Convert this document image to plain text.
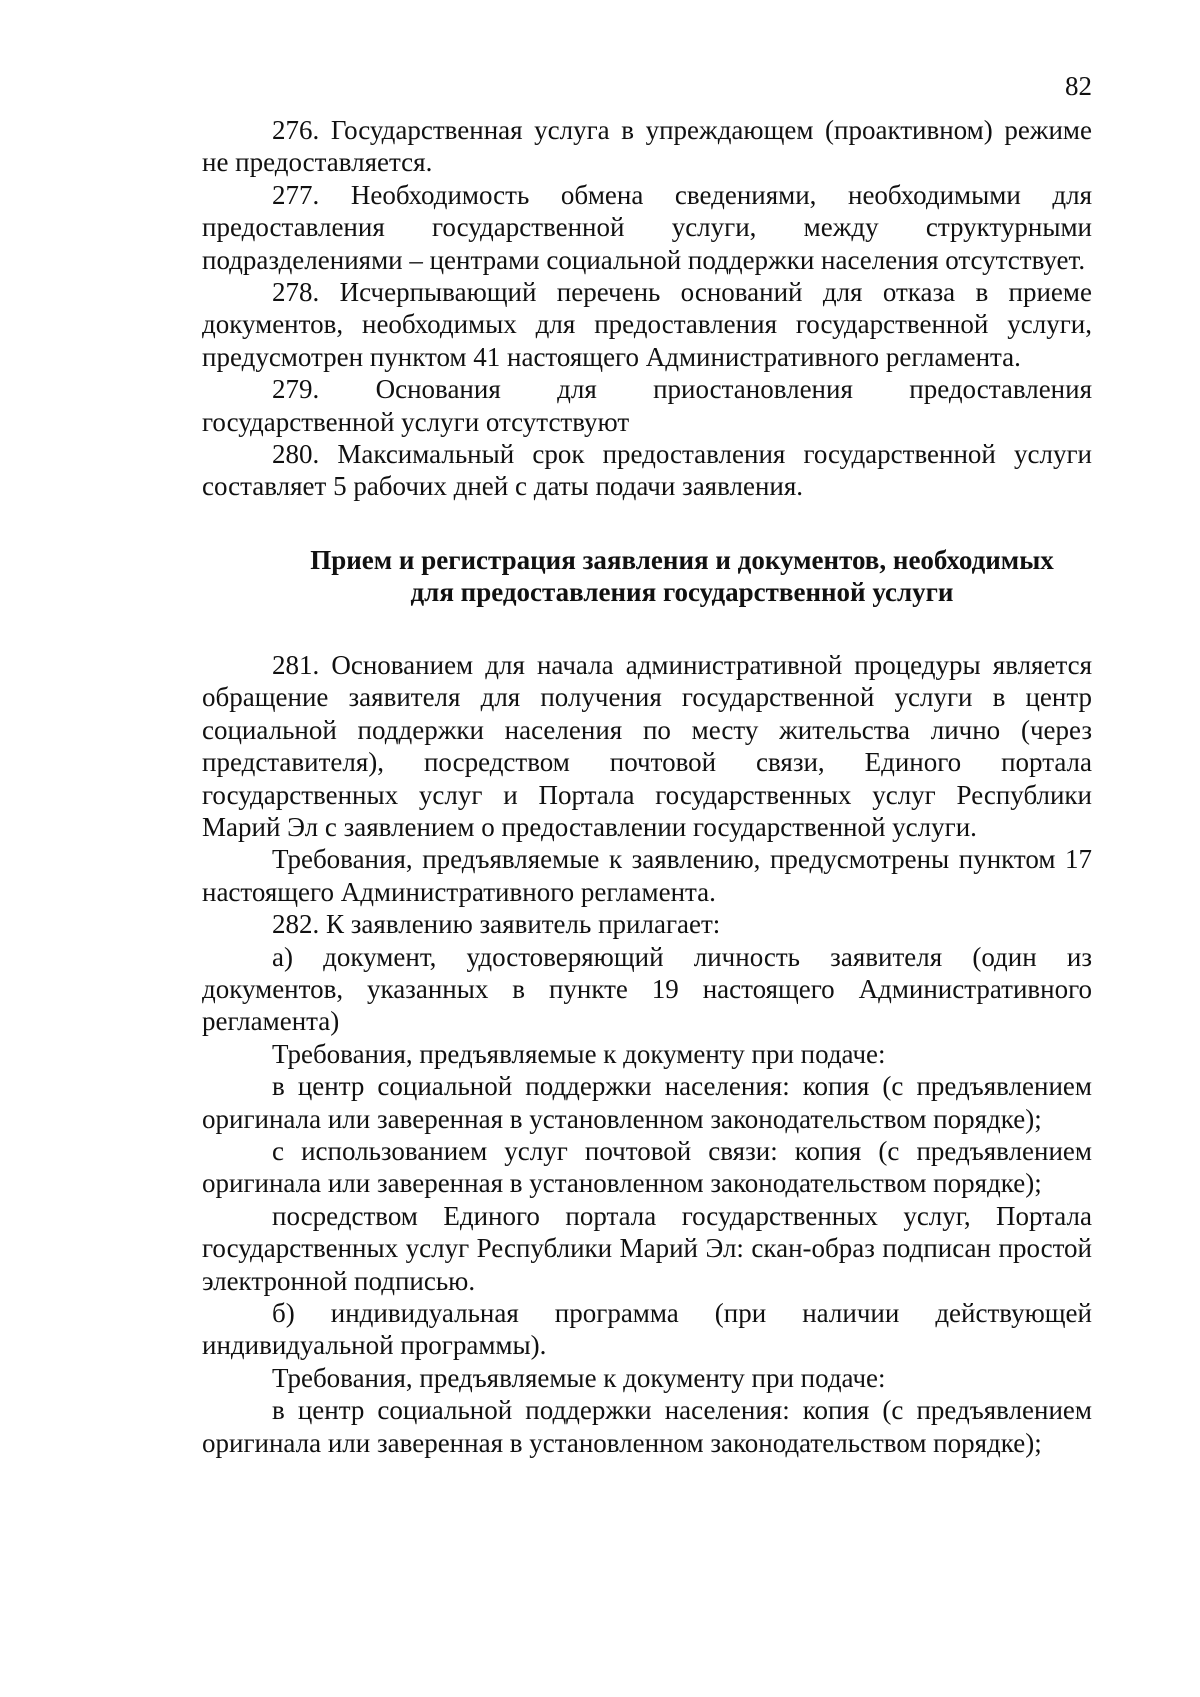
82

276. Государственная услуга в упреждающем (проактивном) режиме не предоставляется.

277. Необходимость обмена сведениями, необходимыми для предоставления государственной услуги, между структурными подразделениями – центрами социальной поддержки населения отсутствует.

278. Исчерпывающий перечень оснований для отказа в приеме документов, необходимых для предоставления государственной услуги, предусмотрен пунктом 41 настоящего Административного регламента.

279. Основания для приостановления предоставления государственной услуги отсутствуют

280. Максимальный срок предоставления государственной услуги составляет 5 рабочих дней с даты подачи заявления.

Прием и регистрация заявления и документов, необходимых
для предоставления государственной услуги

281. Основанием для начала административной процедуры является обращение заявителя для получения государственной услуги в центр социальной поддержки населения по месту жительства лично (через представителя), посредством почтовой связи, Единого портала государственных услуг и Портала государственных услуг Республики Марий Эл с заявлением о предоставлении государственной услуги.

Требования, предъявляемые к заявлению, предусмотрены пунктом 17 настоящего Административного регламента.

282. К заявлению заявитель прилагает:

а) документ, удостоверяющий личность заявителя (один из документов, указанных в пункте 19 настоящего Административного регламента)

Требования, предъявляемые к документу при подаче:

в центр социальной поддержки населения: копия (с предъявлением оригинала или заверенная в установленном законодательством порядке);

с использованием услуг почтовой связи: копия (с предъявлением оригинала или заверенная в установленном законодательством порядке);

посредством Единого портала государственных услуг, Портала государственных услуг Республики Марий Эл: скан-образ подписан простой электронной подписью.

б) индивидуальная программа (при наличии действующей индивидуальной программы).

Требования, предъявляемые к документу при подаче:

в центр социальной поддержки населения: копия (с предъявлением оригинала или заверенная в установленном законодательством порядке);
